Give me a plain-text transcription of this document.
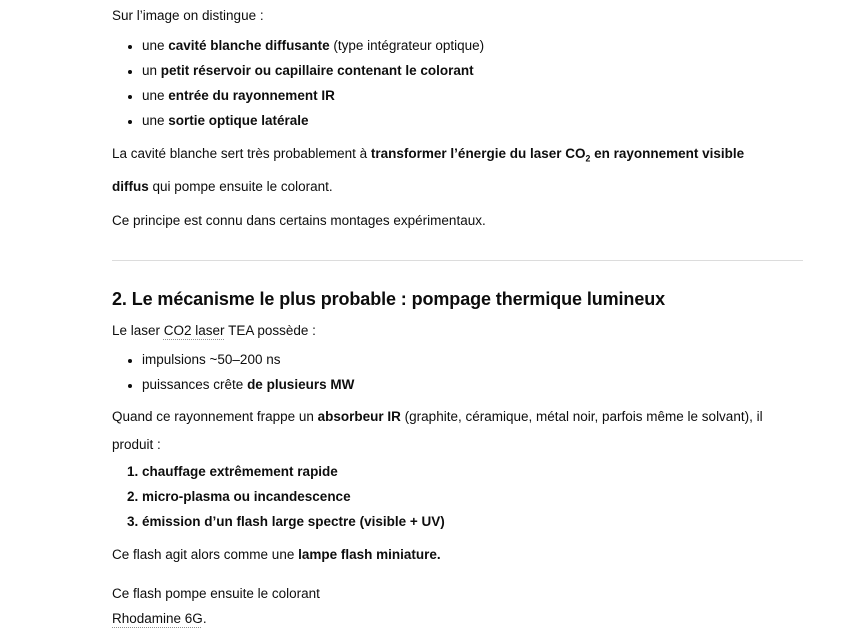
Sur l’image on distingue :

• une cavité blanche diffusante (type intégrateur optique)
• un petit réservoir ou capillaire contenant le colorant
• une entrée du rayonnement IR
• une sortie optique latérale

La cavité blanche sert très probablement à transformer l’énergie du laser $CO_2$ en rayonnement visible
diffus qui pompe ensuite le colorant.

Ce principe est connu dans certains montages expérimentaux.

2. Le mécanisme le plus probable : pompage thermique lumineux

Le laser CO2 laser TEA possède :

• impulsions ~50–200 ns
• puissances crête de plusieurs MW

Quand ce rayonnement frappe un absorbeur IR (graphite, céramique, métal noir, parfois même le solvant), il
produit :

1. chauffage extrêmement rapide
2. micro-plasma ou incandescence
3. émission d’un flash large spectre (visible + UV)

Ce flash agit alors comme une lampe flash miniature.

Ce flash pompe ensuite le colorant
Rhodamine 6G.
